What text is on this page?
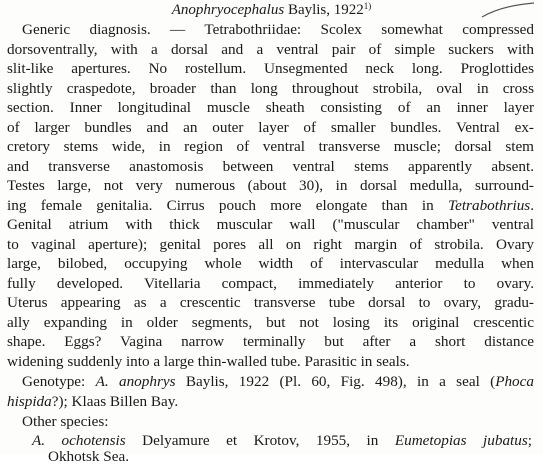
Anophryocephalus Baylis, 1922$^{1)}$
Generic diagnosis. — Tetrabothriidae: Scolex somewhat compressed
dorsoventrally, with a dorsal and a ventral pair of simple suckers with
slit-like apertures. No rostellum. Unsegmented neck long. Proglottides
slightly craspedote, broader than long throughout strobila, oval in cross
section. Inner longitudinal muscle sheath consisting of an inner layer
of larger bundles and an outer layer of smaller bundles. Ventral ex-
cretory stems wide, in region of ventral transverse muscle; dorsal stem
and transverse anastomosis between ventral stems apparently absent.
Testes large, not very numerous (about 30), in dorsal medulla, surround-
ing female genitalia. Cirrus pouch more elongate than in Tetrabothrius.
Genital atrium with thick muscular wall ("muscular chamber" ventral
to vaginal aperture); genital pores all on right margin of strobila. Ovary
large, bilobed, occupying whole width of intervascular medulla when
fully developed. Vitellaria compact, immediately anterior to ovary.
Uterus appearing as a crescentic transverse tube dorsal to ovary, gradu-
ally expanding in older segments, but not losing its original crescentic
shape. Eggs? Vagina narrow terminally but after a short distance
widening suddenly into a large thin-walled tube. Parasitic in seals.
Genotype: A. anophrys Baylis, 1922 (Pl. 60, Fig. 498), in a seal (Phoca
hispida?); Klaas Billen Bay.
Other species:
A. ochotensis Delyamure et Krotov, 1955, in Eumetopias jubatus;
Okhotsk Sea.
